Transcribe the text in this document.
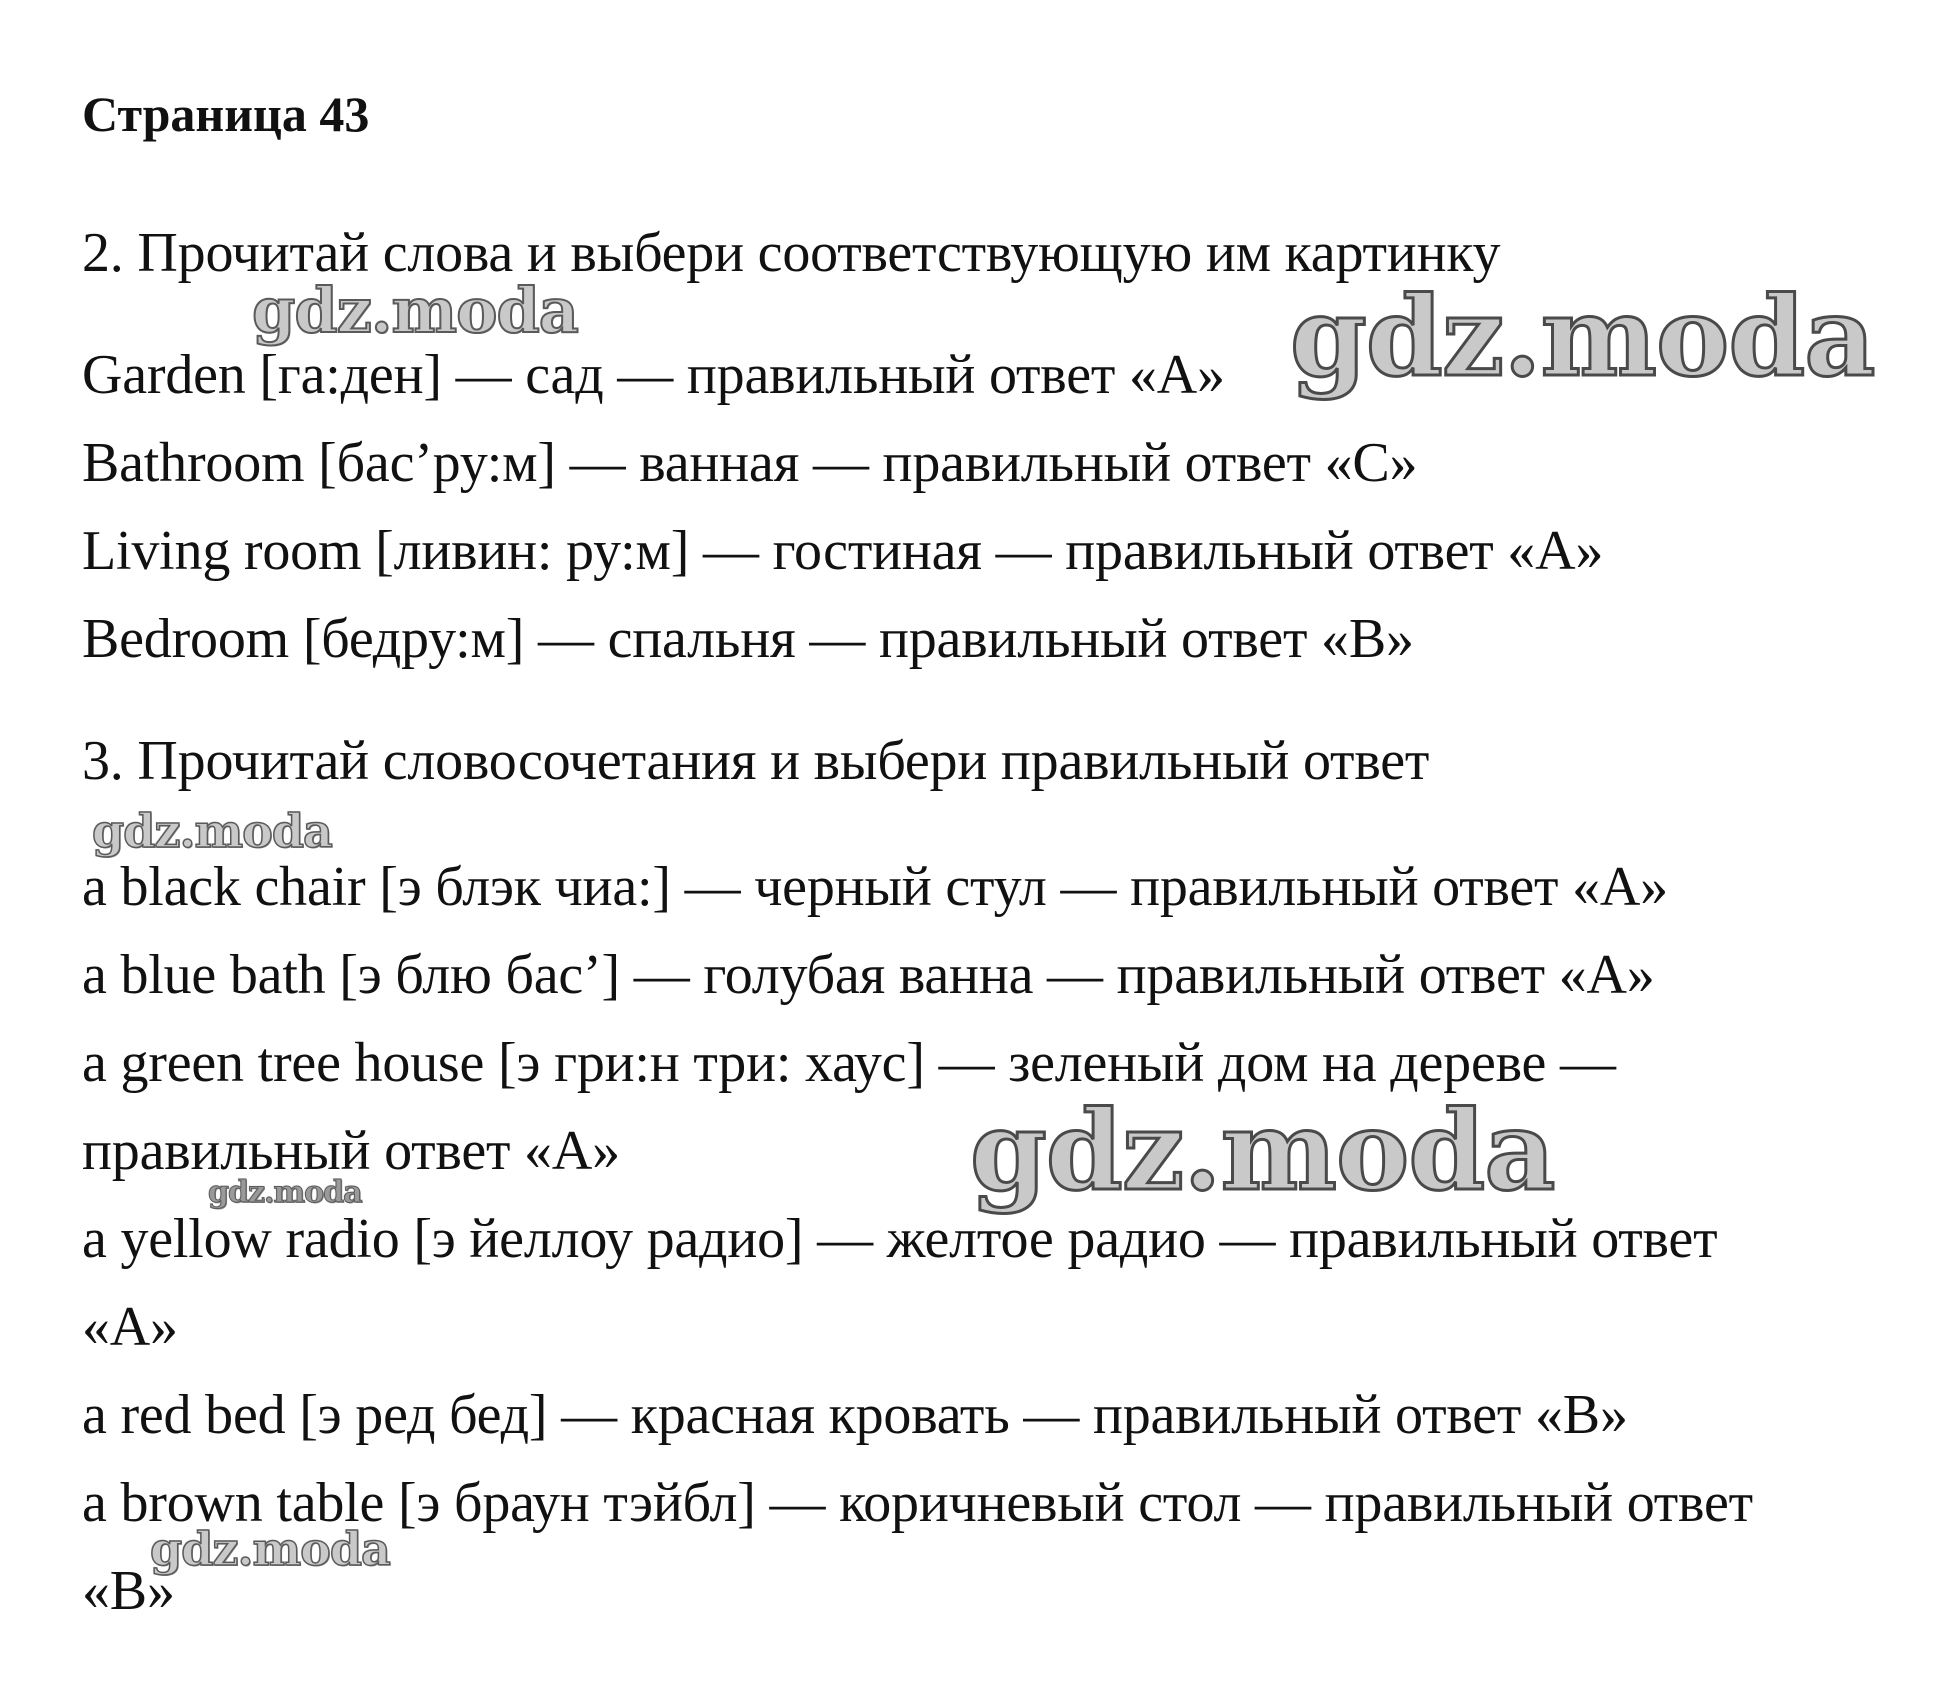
Страница 43
2. Прочитай слова и выбери соответствующую им картинку
Garden [га:ден] — сад — правильный ответ «A»
Bathroom [бас’ру:м] — ванная — правильный ответ «C»
Living room [ливин: ру:м] — гостиная — правильный ответ «A»
Bedroom [бедру:м] — спальня — правильный ответ «B»
3. Прочитай словосочетания и выбери правильный ответ
a black chair [э блэк чиа:] — черный стул — правильный ответ «A»
a blue bath [э блю бас’] — голубая ванна — правильный ответ «A»
a green tree house [э гри:н три: хаус] — зеленый дом на дереве —
правильный ответ «A»
a yellow radio [э йеллоу радио] — желтое радио — правильный ответ
«A»
a red bed [э ред бед] — красная кровать — правильный ответ «B»
a brown table [э браун тэйбл] — коричневый стол — правильный ответ
«B»
gdz.moda	gdz.moda
gdz.moda
gdz.moda
gdz.moda
gdz.moda
